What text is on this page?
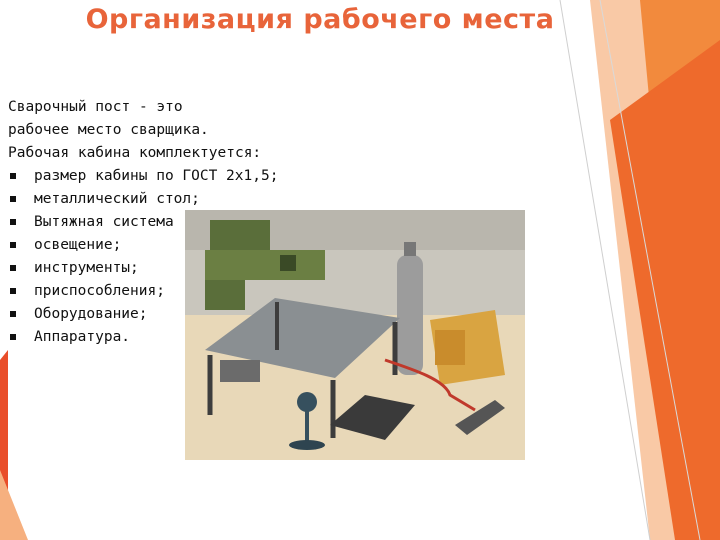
Организация рабочего места
Сварочный пост - это
рабочее место сварщика.
Рабочая кабина комплектуется:
размер кабины по ГОСТ 2х1,5;
металлический стол;
Вытяжная система
освещение;
инструменты;
приспособления;
Оборудование;
Аппаратура.
